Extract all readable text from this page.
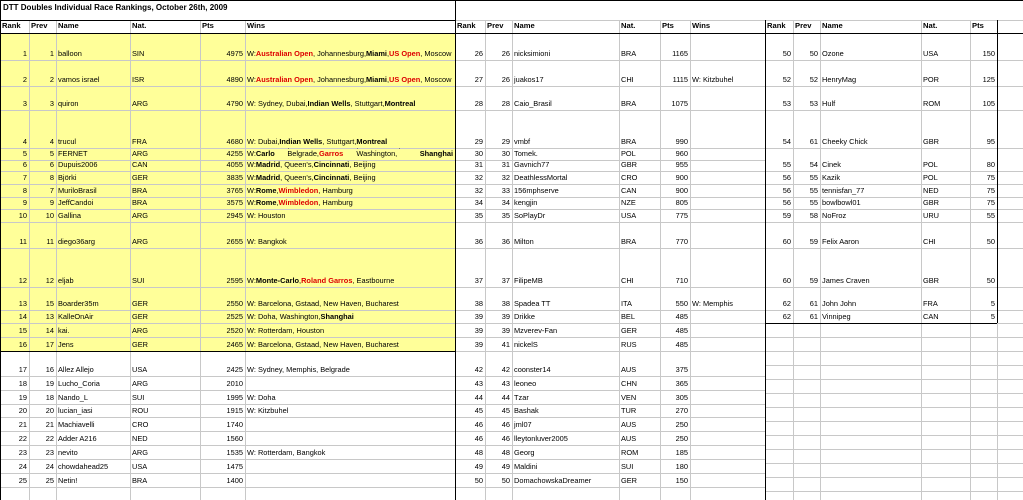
DTT Doubles Individual Race Rankings, October 26th, 2009
Rank	Prev	Name	Nat.	Pts	Wins	Rank	Prev	Name	Nat.	Pts	Wins	Rank	Prev	Name	Nat.	Pts
1	1 balloon	SIN	4975 W: Australian Open , Johannesburg, Miami , US Open , Moscow
2	2 vamos israel	ISR	4890 W: Australian Open , Johannesburg, Miami , US Open , Moscow
3	3 quiron	ARG	4790 W: Sydney, Dubai, Indian Wells , Stuttgart, Montreal
4	4 trucul	FRA	4680 W: Dubai, Indian Wells , Stuttgart, Montreal
5	5 FERNET	ARG	4255 W: Carlo	Belgrade, Garros	Washington,	Shanghai
6	6 Dupuis2006	CAN	4055 W: Madrid , Queen's, Cincinnati , Beijing
7	8 Björki	GER	3835 W: Madrid , Queen's, Cincinnati , Beijing
8	7 MuriloBrasil	BRA	3765 W: Rome , Wimbledon , Hamburg
9	9 JeffCandoi	BRA	3575 W: Rome , Wimbledon , Hamburg
10	10 Gallina	ARG	2945 W: Houston
11	11 diego36arg	ARG	2655 W: Bangkok
12	12 eljab	SUI	2595 W: Monte-Carlo , Roland Garros , Eastbourne
13	15 Boarder35m	GER	2550 W: Barcelona, Gstaad, New Haven, Bucharest
14	13 KalleOnAir	GER	2525 W: Doha, Washington, Shanghai
15	14 kai.	ARG	2520 W: Rotterdam, Houston
16	17 Jens	GER	2465 W: Barcelona, Gstaad, New Haven, Bucharest
17	16 Allez Allejo	USA	2425 W: Sydney, Memphis, Belgrade
18	19 Lucho_Coria	ARG	2010
19	18 Nando_L	SUI	1995 W: Doha
20	20 lucian_iasi	ROU	1915 W: Kitzbuhel
21	21 Machiavelli	CRO	1740
22	22 Adder A216	NED	1560
23	23 nevito	ARG	1535 W: Rotterdam, Bangkok
24	24 chowdahead25	USA	1475
25	25 Netin!	BRA	1400
26	26 nicksimioni	BRA	1165
27	26 juakos17	CHI	1115 W: Kitzbuhel
28	28 Caio_Brasil	BRA	1075
29	29 vmbf	BRA	990
30	30 Tomek.	POL	960
31	31 Gavnich77	GBR	955
32	32 DeathlessMortal	CRO	900
32	33 156mphserve	CAN	900
34	34 kengjin	NZE	805
35	35 SoPlayDr	USA	775
36	36 Milton	BRA	770
37	37 FilipeMB	CHI	710
38	38 Spadea TT	ITA	550 W: Memphis
39	39 Drikke	BEL	485
39	39 Mzverev-Fan	GER	485
39	41 nickelS	RUS	485
42	42 coonster14	AUS	375
43	43 leoneo	CHN	365
44	44 Tzar	VEN	305
45	45 Bashak	TUR	270
46	46 jml07	AUS	250
46	46 lleytonluver2005	AUS	250
48	48 Georg	ROM	185
49	49 Maldini	SUI	180
50	50 DomachowskaDreamer	GER	150
50	50 Ozone	USA	150
52	52 HenryMag	POR	125
53	53 Hulf	ROM	105
54	61 Cheeky Chick	GBR	95
55	54 Cinek	POL	80
56	55 Kazik	POL	75
56	55 tennisfan_77	NED	75
56	55 bowlbowl01	GBR	75
59	58 NoFroz	URU	55
60	59 Felix Aaron	CHI	50
60	59 James Craven	GBR	50
62	61 John John	FRA	5
62	61 Vinnipeg	CAN	5
